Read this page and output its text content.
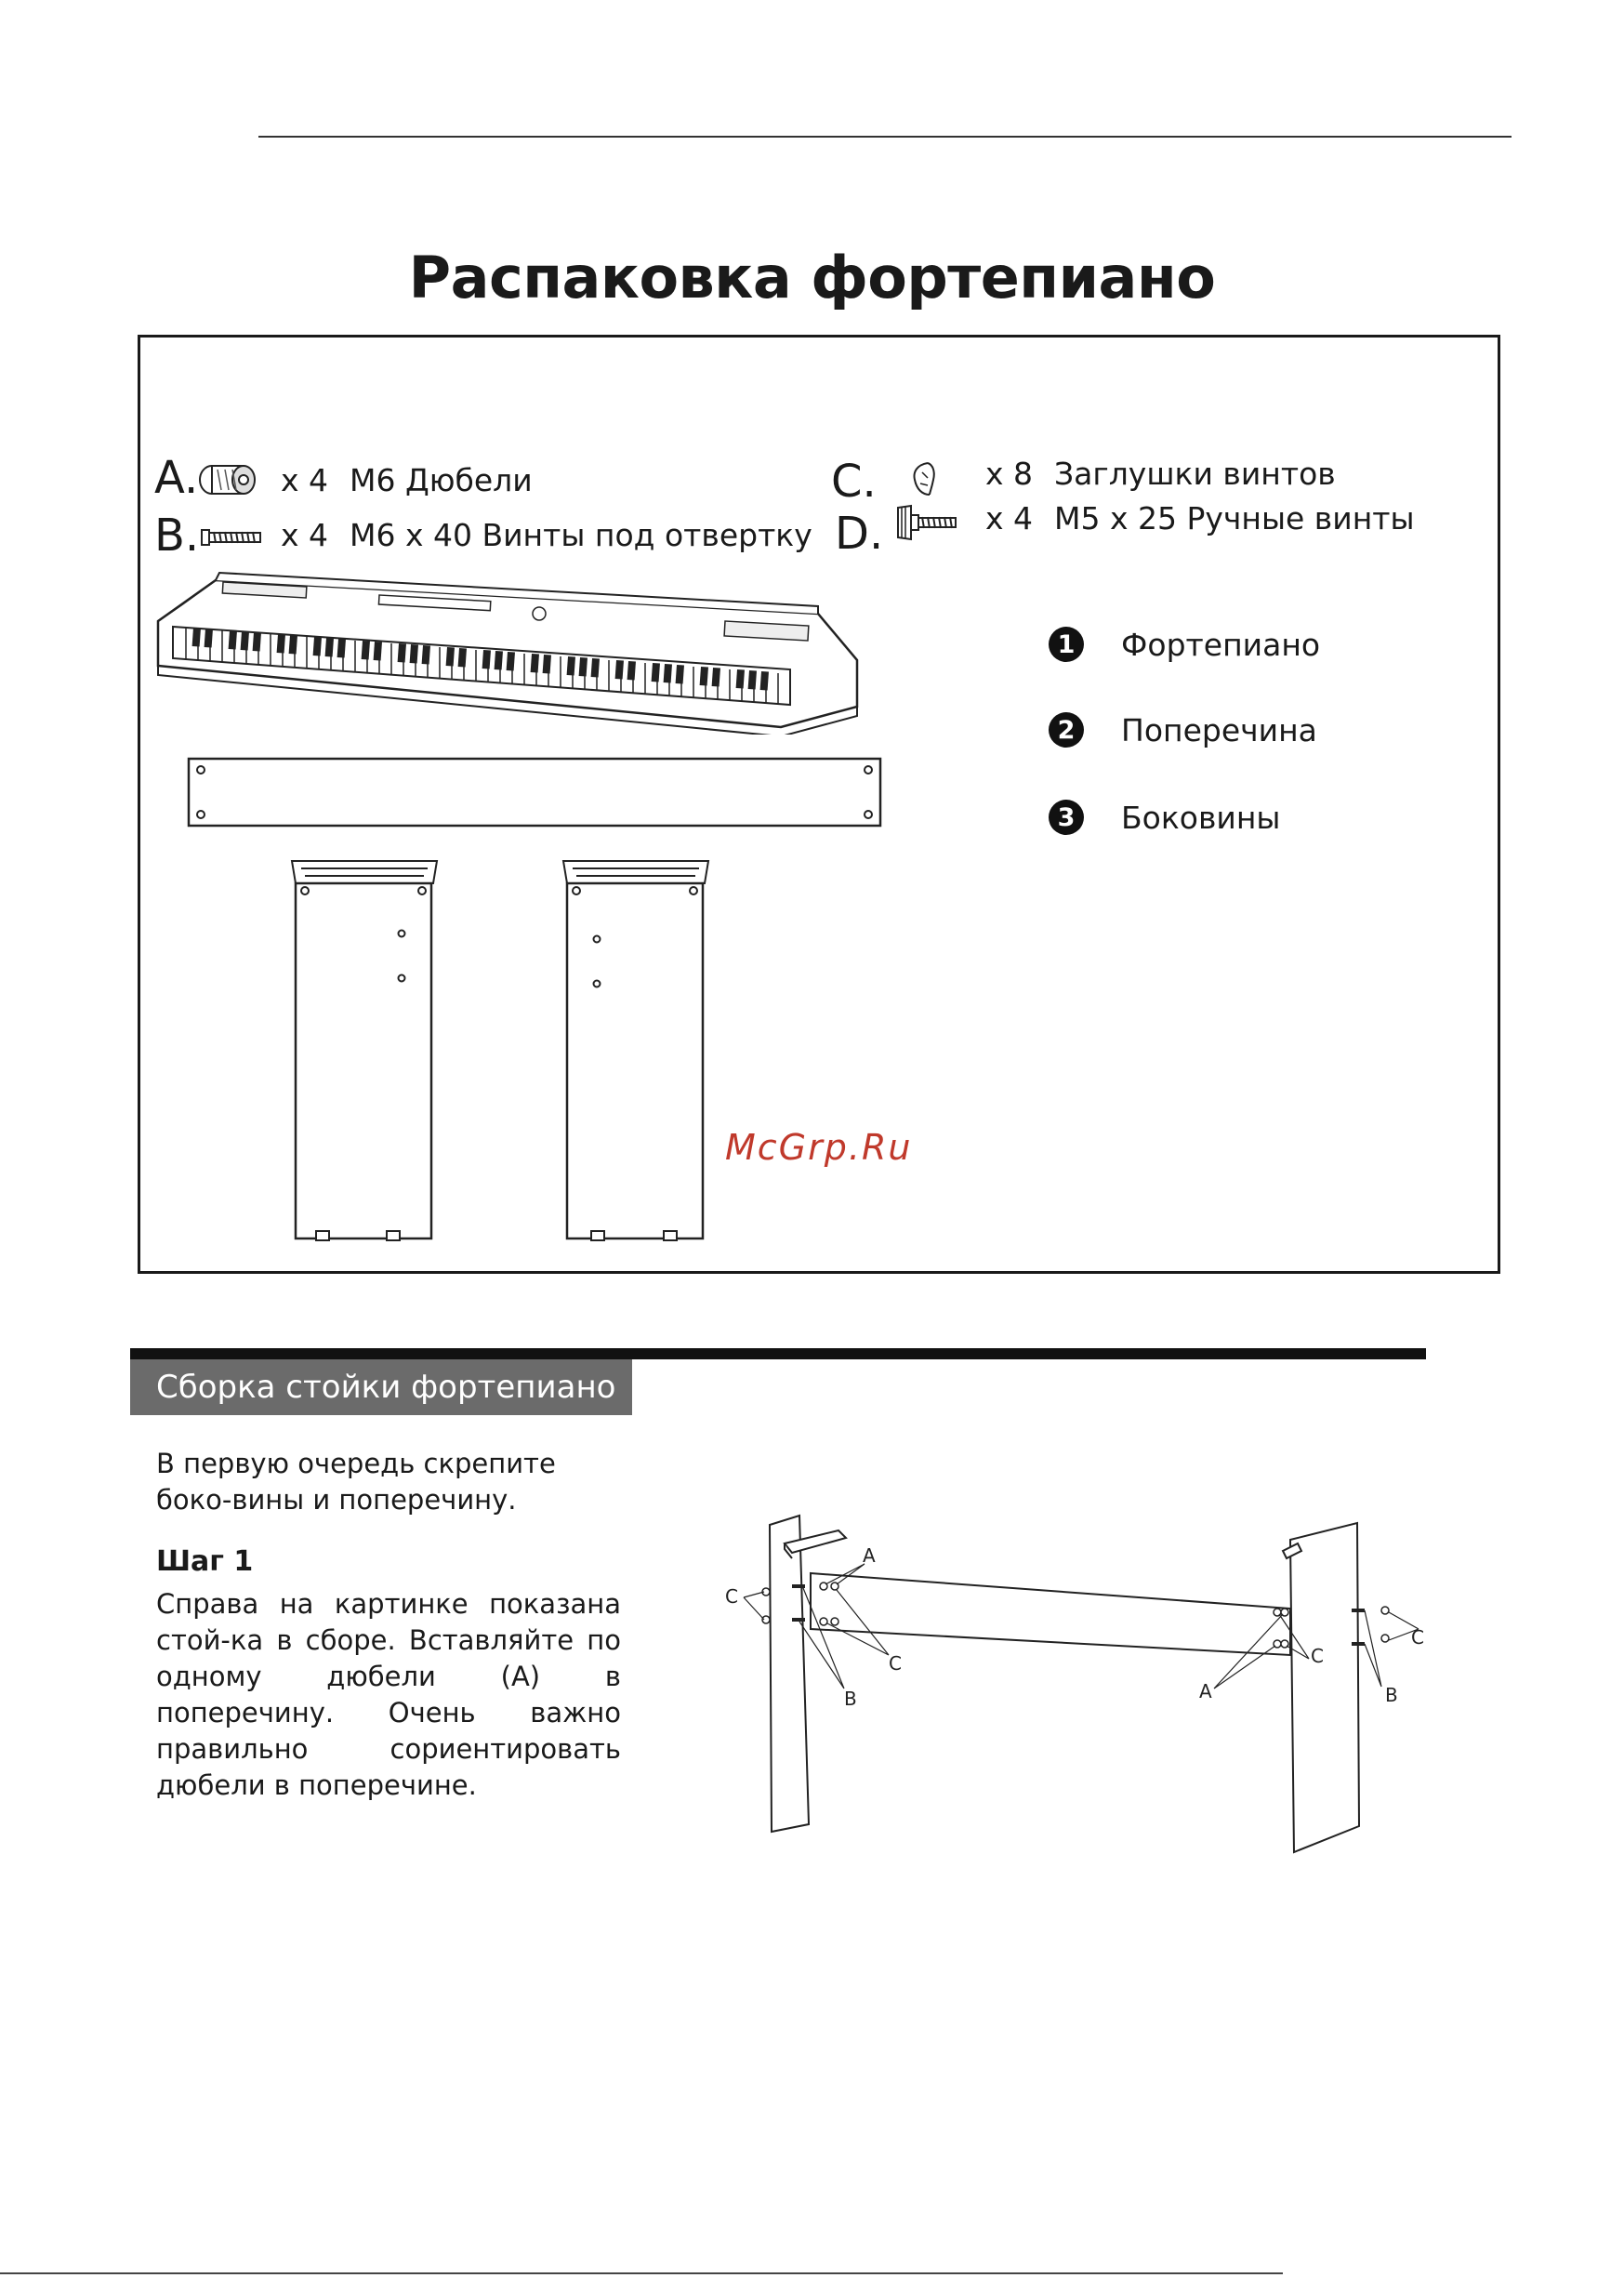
Распаковка фортепиано
A.	x 4 M6 Дюбели
B.	x 4 M6 x 40 Винты под отвертку
C.	x 8 Заглушки винтов
D.	x 4 M5 x 25 Ручные винты
1 Фортепиано
2 Поперечина
3 Боковины
McGrp.Ru
Сборка стойки фортепиано
В первую очередь скрепите боко-вины и поперечину.
Шаг 1
Справа на картинке показана стой-ка в сборе. Вставляйте по одному дюбели (A) в поперечину. Очень важно правильно сориентировать дюбели в поперечине.
C
A
C
B	A
C
C
B
